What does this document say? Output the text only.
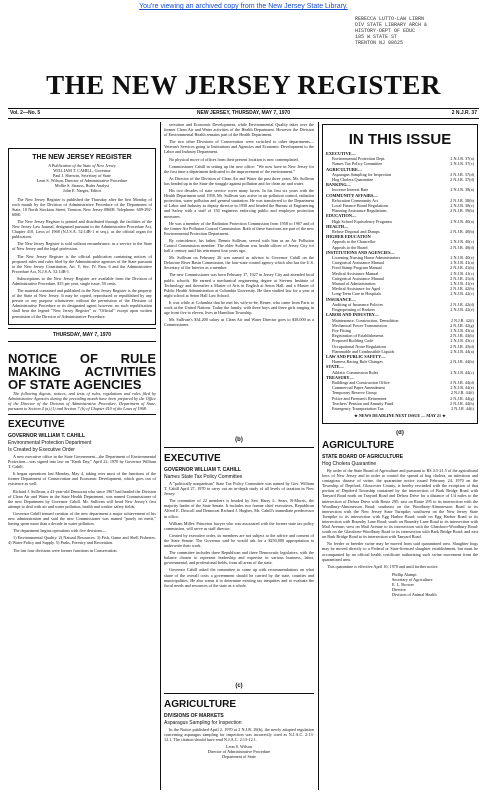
You're viewing an archived copy from the New Jersey State Library.
REBECCA LUTTO-LAW LIBRN
DIV STATE LIBRARY ARCH &
HISTORY-DEPT OF EDUC
185 W STATE ST
TRENTON NJ 08625
THE NEW JERSEY REGISTER
Vol. 2—No. 5	NEW JERSEY, THURSDAY, MAY 7, 1970	2 N.J.R. 37
THE NEW JERSEY REGISTER
A Publication of the State of New Jersey
WILLIAM T. CAHILL, Governor
Paul J. Sherwin, Secretary of State
Leon S. Wilson, Director of Administrative Procedure
Mollie S. Strauss, Rules Analyst
John E. Narges, Editor

The New Jersey Register is published the Thursday after the first Monday of each month by the Division of Administrative Procedure of the Department of State, 10 North Stockton Street, Trenton, New Jersey 08608. Telephone: 609-292-6060.

The New Jersey Register is printed and distributed through the facilities of the New Jersey Law Journal, designated pursuant to the Administrative Procedure Act, Chapter 410, Laws of 1968 (N.J.S.A. 52:14B-1 et seq.), as the official organ for publication.

The New Jersey Register is sold without encumbrance, as a service to the State of New Jersey and the legal profession.

The New Jersey Register is the official publication containing notices of proposed rules and rules filed by the Administrative agencies of the State pursuant to the New Jersey Constitution, Art. V, Sec. IV, Para. 6 and the Administrative Procedure Act, N.J.S.A. 52:14B-1.

Subscriptions to the New Jersey Register are available from the Division of Administrative Procedure, $15 per year, single issue, 50 cents.

The material contained and published in the New Jersey Register is the property of the State of New Jersey. It may be copied, reproduced or republished by any person or any purpose whatsoever without the permission of the Division of Administrative Procedure or its designated agent; however, no such republication shall bear the legend "New Jersey Register" or "Official" except upon written permission of the Director of Administrative Procedure.

THURSDAY, MAY 7, 1970
NOTICE OF RULE MAKING ACTIVITIES OF STATE AGENCIES

The following digests, notices, and texts of rules, regulations and rules filed by Administrative Agencies during the preceding month have been prepared by the Office of the Director of the Division of Administrative Procedure, Department of State, pursuant to Section 4 (a) (1) and Section 7 (b) of Chapter 410 of the Laws of 1968.

EXECUTIVE
GOVERNOR WILLIAM T. CAHILL
Environmental Protection Department
Is Created by Executive Order

A new executive office in the State Government—the Department of Environmental Protection—was signed into law on "Earth Day," April 22, 1970 by Governor William T. Cahill.

It began operations last Monday, May 4, taking over most of the functions of the former Department of Conservation and Economic Development, which goes out of existence as well.

Richard J. Sullivan, a 43-year-old Democrat who since 1967 had headed the Division of Clean Air and Water in the State Health Department, was named Commissioner of the new Department by Governor Cahill. Mr. Sullivan will head New Jersey's first attempt to deal with air and water pollution, health and worker safety fields.

Governor Cahill termed creation of the new department a major achievement of his new administration and said the new Commissioner was named "purely on merit," having spent more than a decade in water pollution.

The department begins operations with five divisions—

1) Environmental Quality. 2) Natural Resources. 3) Fish, Game and Shell Fisheries. 4) Water Policy and Supply. 5) Parks, Forestry and Recreation.

The last four divisions were former functions in Conservation.

servation and Economic Development, while Environmental Quality takes over the former Clean Air and Water activities of the Health Department. However the Division of Environmental Health remains part of the Health Department.

The two other Divisions of Conservation were switched to other departments—Veteran's Services going to Institutions and Agencies and Economic Development to the Labor and Industry Department.

No physical move of offices from their present location is now contemplated.

Commissioner Cahill in setting up the new office: "We now have in New Jersey for the first time a department dedicated to the improvement of the environment."

As Director of the Division of Clean Air and Water the past three years, Mr. Sullivan has headed up in the State the struggle against pollution and for clean air and water.

His two decades of state service cover many facets. In his first six years with the Health Department until 1958, Mr. Sullivan was active in air pollution control, radiation protection, water pollution and general sanitation. He was transferred to the Department of Labor and Industry as deputy director in 1958 and headed the Bureau of Engineering and Safety with a staff of 150 engineers enforcing public and employee protection measures.

He was a member of the Radiation Protection Commission from 1958 to 1967 and of the former Air Pollution Control Commission. Both of these functions are part of the new Environmental Protection Department.

By coincidence, his father, Dennis Sullivan, served with him as an Air Pollution Control Commission member. The elder Sullivan was health officer of Jersey City for half a century until his retirement four years ago.

Mr. Sullivan on February 26 was named as advisor to Governor Cahill on the Delaware River Basin Commission, the four-state control agency which also has the U.S. Secretary of the Interior as a member.

The new Commissioner was born February 17, 1927 in Jersey City and attended local public schools. He earned a mechanical engineering degree at Stevens Institute of Technology and thereafter a Master of Arts in English at Seton Hall, and a Master of Public Health Administration at Columbia University. He then studied law for a year at night school at Seton Hall Law School.

It was while at Columbia that he met his wife-to-be, Renee, who came from Paris to work at the United Nations. Today the family, with three boys and three girls ranging in age from five to eleven, lives in Hamilton Township.

Mr. Sullivan's $34,200 salary as Clean Air and Water Director goes to $38,000 as a Commissioner.

(b)
EXECUTIVE
GOVERNOR WILLIAM T. CAHILL
Names State Tax Policy Committee

A "politically nonpartisan" State Tax Policy Committee was named by Gov. William T. Cahill April 27, 1970 to carry out an in-depth study of all levels of taxation in New Jersey.

The committee of 22 members is headed by Sen. Harry L. Sears, R-Morris, the majority leader of the State Senate. It includes two former chief executives, Republican Alfred E. Driscoll and Democrat Richard J. Hughes, Mr. Cahill's immediate predecessor in office.

William Miller, Princeton lawyer who was associated with the former state tax policy commission, will serve as staff director.

Created by executive order, its members are not subject to the advice and consent of the State Senate. The Governor said he would ask for a $250,000 appropriation to underwrite their work.

The committee includes three Republican and three Democratic legislators, with the balance chosen to represent leadership and expertise in various business, labor, governmental, and professional fields, from all areas of the state.

Governor Cahill asked the committee to come up with recommendations on what share of the overall costs a government should be carried by the state, counties and municipalities. He also wants it to determine existing tax inequities and to evaluate the fiscal needs and resources of the state as a whole.

(c)
AGRICULTURE
DIVISIONS OF MARKETS
Asparagus Sampling for Inspection

In the Notice published April 2, 1970 at 2 N.J.R. 29(b), the newly adopted regulation concerning asparagus sampling for inspection was incorrectly cited as N.J.A.C. 2:13-12.1. The citation should have read N.J.A.C. 2:13-12.1.

Leon S. Wilson
Director of Administrative Procedure
Department of State
IN THIS ISSUE
EXECUTIVE—
Environmental Protection Dept.	2 N.J.R. 37(a)
Names Tax Policy Committee	2 N.J.R. 37(c)
AGRICULTURE—
Asparagus Sampling for Inspection	2 N.J.R. 37(d)
Hog Cholera Quarantine	2 N.J.R. 37(d)
BANKING—
Increase Interest Rate	2 N.J.R. 38(a)
COMMUNITY AFFAIRS—
Relocation Community Act	2 N.J.R. 38(b)
Local Finance Board Regulations	2 N.J.R. 38(c)
Planning Assistance Regulations	2 N.J.R. 39(b)
EDUCATION—
High School Equivalency Programs	2 N.J.R. 40(a)
HEALTH—
Refuse Disposal and Dumps	2 N.J.R. 40(b)
HIGHER EDUCATION
Appeals to the Chancellor	2 N.J.R. 40(c)
Appeals to the Board	2 N.J.R. 40(d)
INSTITUTIONS AND AGENCIES—
Licensing Nursing Home Administrators	2 N.J.R. 40(e)
Categorical Assistance Manual	2 N.J.R. 41(a)
Food Stamp Program Manual	2 N.J.R. 41(b)
Medical Assistance Manual	2 N.J.R. 41(c)
Categorical Assistance Manual	2 N.J.R. 41(d)
Manual of Administration	2 N.J.R. 41(e)
Medical Assistance for Aged	2 N.J.R. 42(b)
Long-Term Care in Hospitals	2 N.J.R. 42(c)
INSURANCE—
Auditing of Insurance Policies	2 N.J.R. 42(d)
Fingerprinting of Brokers	2 N.J.R. 42(e)
LABOR AND INDUSTRY—
Maintenance, Construction, Demolition	2 N.J.R. 42(f)
Mechanical Power Transmission	2 N.J.R. 42(g)
Fire Fitting	2 N.J.R. 43(a)
Registration of Establishments	2 N.J.R. 43(b)
Proposed Building Code	2 N.J.R. 43(c)
Occupational Noise Regulations	2 N.J.R. 43(d)
Flammable and Combustible Liquids	2 N.J.R. 44(a)
LAW AND PUBLIC SAFETY—
Harness Racing Rule Changes	2 N.J.R. 44(b)
STATE—
Athletic Commission Rules	2 N.J.R. 44(c)
TREASURY—
Buildings and Construction Office	2 N.J.R. 44(d)
Commercial Paper Amendment	2 N.J.R. 44(e)
Temporary Reserve Group	2 N.J.R. 44(f)
Police and Firemen's Retirement	2 N.J.R. 44(g)
Teachers' Pension and Annuity Fund	2 N.J.R. 44(h)
Emergency Transportation Tax	2 N.J.R. 44(i)
★ NEWS DEADLINE NEXT ISSUE — MAY 21 ★
(d)
AGRICULTURE
STATE BOARD OF AGRICULTURE
Hog Cholera Quarantine

By order of the State Board of Agriculture and pursuant to RS 4:5-21.5 of the agricultural laws of New Jersey and in order to control the spread of hog cholera, an infectious and contagious disease of swine, the quarantine notice issued February 24, 1970 on the Township of Deptford, Gloucester County, is hereby rescinded with the exception of that portion of Deptford Township contained by the intersection of Bark Bridge Road with Tanyard Road north on Tanyard Road and Delsea Drive for a distance of 1/4 miles to the intersection of Delsea Drive with Route 295; east on Route 295 to its intersection with the Woodbury-Almonesson Road; southeast on the Woodbury-Almonesson Road to its intersection with the New Jersey State Turnpike; southwest on the New Jersey State Turnpike to its intersection with Egg Harbor Road; south on Egg Harbor Road to its intersection with Boundry Lane Road; south on Boundry Lane Road to its intersection with Mail Avenue; west on Mail Avenue to its intersection with the Glassboro-Woodbury Road; south on the Glassboro-Woodbury Road to its intersection with Bark Bridge Road; and east on Bark Bridge Road to its intersection with Tanyard Road.

No feeder or breeder swine may be moved from said quarantined area. Slaughter hogs may be moved directly to a Federal or State-licensed slaughter establishment, but must be accompanied by an official health certificate authorizing such swine movement from the quarantined area.

This quarantine is effective April 10, 1970 and until further notice.

Phillip Alampi
Secretary of Agriculture
E. L. Brower
Director
Division of Animal Health
